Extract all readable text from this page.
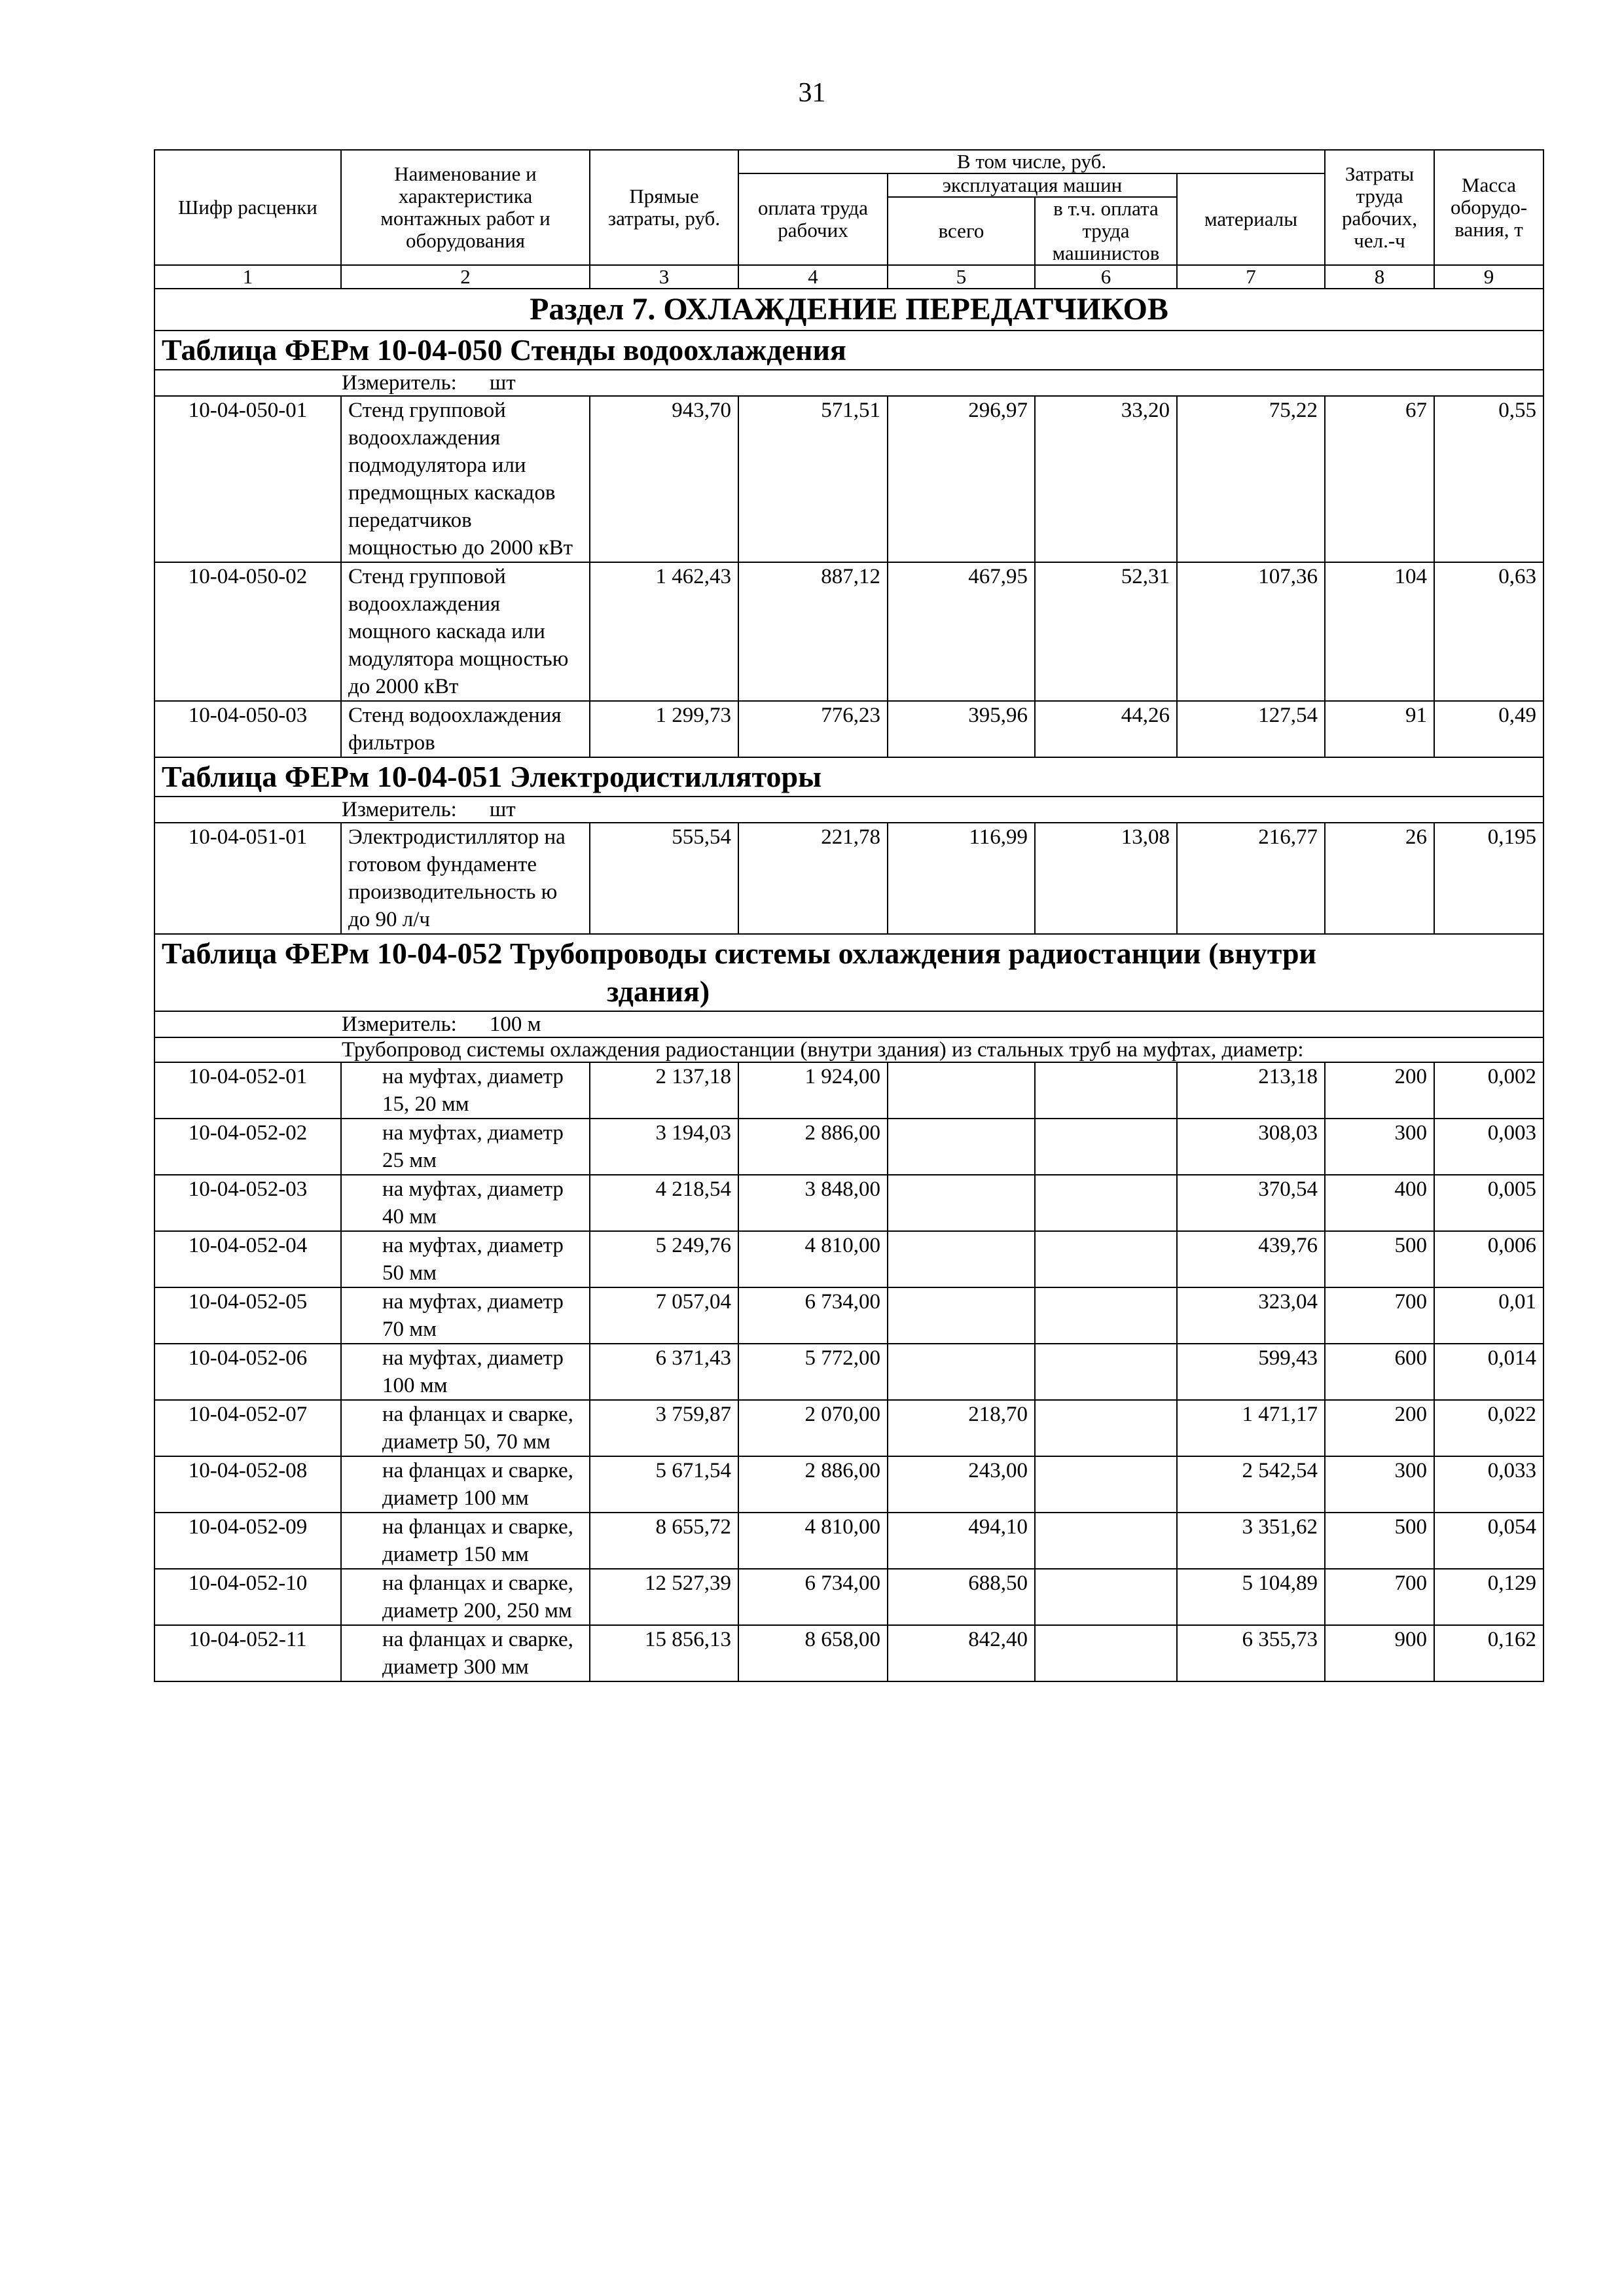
31
Шифр расценки	Наименование и характеристика монтажных работ и оборудования	Прямые затраты, руб.	В том числе, руб.				Затраты труда рабочих, чел.-ч	Масса оборудо-вания, т
			оплата труда рабочих	эксплуатация машин		материалы		
				всего	в т.ч. оплата труда машинистов			
1	2	3	4	5	6	7	8	9
Раздел 7. ОХЛАЖДЕНИЕ ПЕРЕДАТЧИКОВ								
Таблица ФЕРм 10-04-050 Стенды водоохлаждения								
Измеритель: шт								
10-04-050-01	Стенд групповой водоохлаждения подмодулятора или предмощных каскадов передатчиков мощностью до 2000 кВт	943,70	571,51	296,97	33,20	75,22	67	0,55
10-04-050-02	Стенд групповой водоохлаждения мощного каскада или модулятора мощностью до 2000 кВт	1 462,43	887,12	467,95	52,31	107,36	104	0,63
10-04-050-03	Стенд водоохлаждения фильтров	1 299,73	776,23	395,96	44,26	127,54	91	0,49
Таблица ФЕРм 10-04-051 Электродистилляторы								
Измеритель: шт								
10-04-051-01	Электродистиллятор на готовом фундаменте производительность ю до 90 л/ч	555,54	221,78	116,99	13,08	216,77	26	0,195
Таблица ФЕРм 10-04-052 Трубопроводы системы охлаждения радиостанции (внутри
здания)								

Измеритель: 100 м								
Трубопровод системы охлаждения радиостанции (внутри здания) из стальных труб на муфтах, диаметр:								
10-04-052-01	на муфтах, диаметр 15, 20 мм	2 137,18	1 924,00			213,18	200	0,002
10-04-052-02	на муфтах, диаметр 25 мм	3 194,03	2 886,00			308,03	300	0,003
10-04-052-03	на муфтах, диаметр 40 мм	4 218,54	3 848,00			370,54	400	0,005
10-04-052-04	на муфтах, диаметр 50 мм	5 249,76	4 810,00			439,76	500	0,006
10-04-052-05	на муфтах, диаметр 70 мм	7 057,04	6 734,00			323,04	700	0,01
10-04-052-06	на муфтах, диаметр 100 мм	6 371,43	5 772,00			599,43	600	0,014
10-04-052-07	на фланцах и сварке, диаметр 50, 70 мм	3 759,87	2 070,00	218,70		1 471,17	200	0,022
10-04-052-08	на фланцах и сварке, диаметр 100 мм	5 671,54	2 886,00	243,00		2 542,54	300	0,033
10-04-052-09	на фланцах и сварке, диаметр 150 мм	8 655,72	4 810,00	494,10		3 351,62	500	0,054
10-04-052-10	на фланцах и сварке, диаметр 200, 250 мм	12 527,39	6 734,00	688,50		5 104,89	700	0,129
10-04-052-11	на фланцах и сварке, диаметр 300 мм	15 856,13	8 658,00	842,40		6 355,73	900	0,162
